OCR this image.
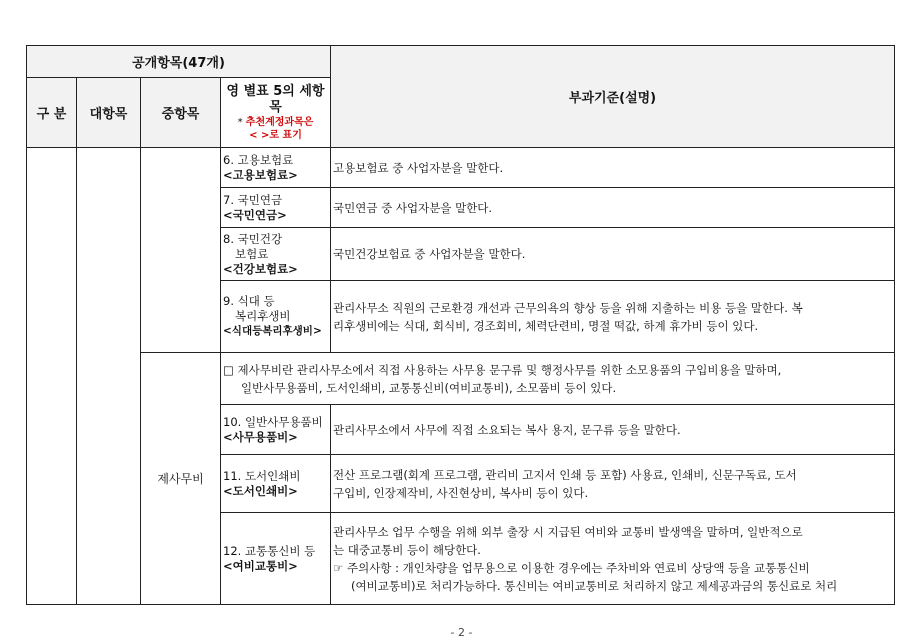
공개항목(47개)				부과기준(설명)
구 분	대항목	중항목	영 별표 5의 세항목
* 추천계정과목은
< >로 표기	

			6. 고용보험료
<고용보험료>	고용보험료 중 사업자분을 말한다.

			7. 국민연금
<국민연금>	국민연금 중 사업자분을 말한다.

			8. 국민건강
보험료
<건강보험료>	국민건강보험료 중 사업자분을 말한다.

			9. 식대 등
복리후생비
<식대등복리후생비>	관리사무소 직원의 근로환경 개선과 근무의욕의 향상 등을 위해 지출하는 비용 등을 말한다. 복
리후생비에는 식대, 회식비, 경조회비, 체력단련비, 명절 떡값, 하계 휴가비 등이 있다.

		제사무비	□ 제사무비란 관리사무소에서 직접 사용하는 사무용 문구류 및 행정사무를 위한 소모용품의 구입비용을 말하며,
일반사무용품비, 도서인쇄비, 교통통신비(여비교통비), 소모품비 등이 있다.	

			10. 일반사무용품비
<사무용품비>	관리사무소에서 사무에 직접 소요되는 복사 용지, 문구류 등을 말한다.

			11. 도서인쇄비
<도서인쇄비>	전산 프로그램(회계 프로그램, 관리비 고지서 인쇄 등 포함) 사용료, 인쇄비, 신문구독료, 도서
구입비, 인장제작비, 사진현상비, 복사비 등이 있다.

			12. 교통통신비 등
<여비교통비>	관리사무소 업무 수행을 위해 외부 출장 시 지급된 여비와 교통비 발생액을 말하며, 일반적으로
는 대중교통비 등이 해당한다.
☞ 주의사항 : 개인차량을 업무용으로 이용한 경우에는 주차비와 연료비 상당액 등을 교통통신비
(여비교통비)로 처리가능하다. 통신비는 여비교통비로 처리하지 않고 제세공과금의 통신료로 처리
- 2 -
